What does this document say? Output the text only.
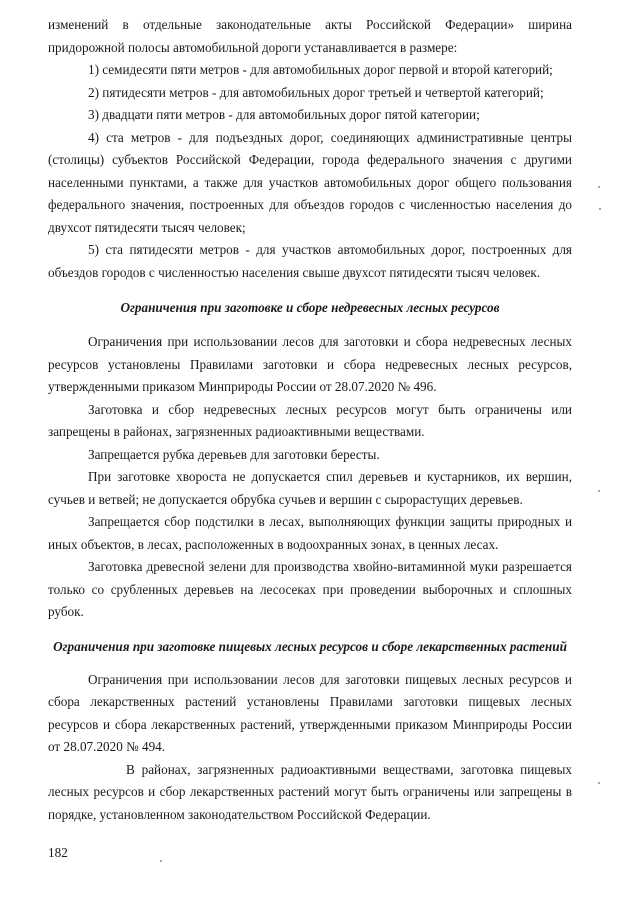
изменений в отдельные законодательные акты Российской Федерации» ширина придорожной полосы автомобильной дороги устанавливается в размере:

1) семидесяти пяти метров - для автомобильных дорог первой и второй категорий;

2) пятидесяти метров - для автомобильных дорог третьей и четвертой категорий;

3) двадцати пяти метров - для автомобильных дорог пятой категории;

4) ста метров - для подъездных дорог, соединяющих административные центры (столицы) субъектов Российской Федерации, города федерального значения с другими населенными пунктами, а также для участков автомобильных дорог общего пользования федерального значения, построенных для объездов городов с численностью населения до двухсот пятидесяти тысяч человек;

5) ста пятидесяти метров - для участков автомобильных дорог, построенных для объездов городов с численностью населения свыше двухсот пятидесяти тысяч человек.

Ограничения при заготовке и сборе недревесных лесных ресурсов

Ограничения при использовании лесов для заготовки и сбора недревесных лесных ресурсов установлены Правилами заготовки и сбора недревесных лесных ресурсов, утвержденными приказом Минприроды России от 28.07.2020 № 496.

Заготовка и сбор недревесных лесных ресурсов могут быть ограничены или запрещены в районах, загрязненных радиоактивными веществами.

Запрещается рубка деревьев для заготовки бересты.

При заготовке хвороста не допускается спил деревьев и кустарников, их вершин, сучьев и ветвей; не допускается обрубка сучьев и вершин с сырорастущих деревьев.

Запрещается сбор подстилки в лесах, выполняющих функции защиты природных и иных объектов, в лесах, расположенных в водоохранных зонах, в ценных лесах.

Заготовка древесной зелени для производства хвойно-витаминной муки разрешается только со срубленных деревьев на лесосеках при проведении выборочных и сплошных рубок.

Ограничения при заготовке пищевых лесных ресурсов и сборе лекарственных растений

Ограничения при использовании лесов для заготовки пищевых лесных ресурсов и сбора лекарственных растений установлены Правилами заготовки пищевых лесных ресурсов и сбора лекарственных растений, утвержденными приказом Минприроды России от 28.07.2020 № 494.

В районах, загрязненных радиоактивными веществами, заготовка пищевых лесных ресурсов и сбор лекарственных растений могут быть ограничены или запрещены в порядке, установленном законодательством Российской Федерации.

182
